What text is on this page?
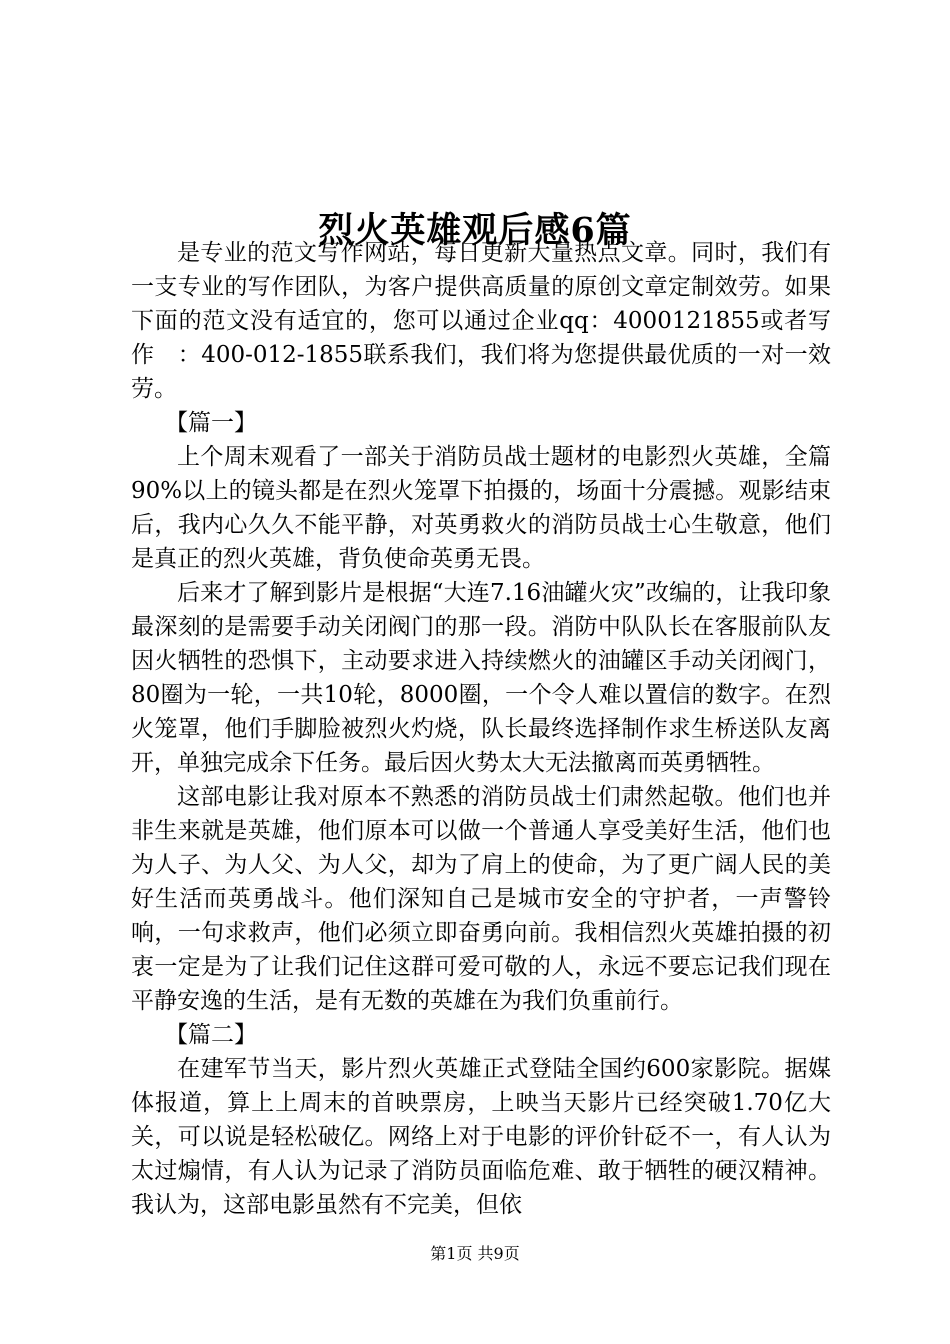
烈火英雄观后感6篇

是专业的范文写作网站，每日更新大量热点文章。同时，我们有一支专业的写作团队，为客户提供高质量的原创文章定制效劳。如果下面的范文没有适宜的，您可以通过企业qq：4000121855或者写作　：400-012-1855联系我们，我们将为您提供最优质的一对一效劳。

【篇一】

上个周末观看了一部关于消防员战士题材的电影烈火英雄，全篇90%以上的镜头都是在烈火笼罩下拍摄的，场面十分震撼。观影结束后，我内心久久不能平静，对英勇救火的消防员战士心生敬意，他们是真正的烈火英雄，背负使命英勇无畏。

后来才了解到影片是根据“大连7.16油罐火灾”改编的，让我印象最深刻的是需要手动关闭阀门的那一段。消防中队队长在客服前队友因火牺牲的恐惧下，主动要求进入持续燃火的油罐区手动关闭阀门，80圈为一轮，一共10轮，8000圈，一个令人难以置信的数字。在烈火笼罩，他们手脚脸被烈火灼烧，队长最终选择制作求生桥送队友离开，单独完成余下任务。最后因火势太大无法撤离而英勇牺牲。

这部电影让我对原本不熟悉的消防员战士们肃然起敬。他们也并非生来就是英雄，他们原本可以做一个普通人享受美好生活，他们也为人子、为人父、为人父，却为了肩上的使命，为了更广阔人民的美好生活而英勇战斗。他们深知自己是城市安全的守护者，一声警铃响，一句求救声，他们必须立即奋勇向前。我相信烈火英雄拍摄的初衷一定是为了让我们记住这群可爱可敬的人，永远不要忘记我们现在平静安逸的生活，是有无数的英雄在为我们负重前行。

【篇二】

在建军节当天，影片烈火英雄正式登陆全国约600家影院。据媒体报道，算上上周末的首映票房，上映当天影片已经突破1.70亿大关，可以说是轻松破亿。网络上对于电影的评价针砭不一，有人认为太过煽情，有人认为记录了消防员面临危难、敢于牺牲的硬汉精神。我认为，这部电影虽然有不完美，但依

第1页 共9页
